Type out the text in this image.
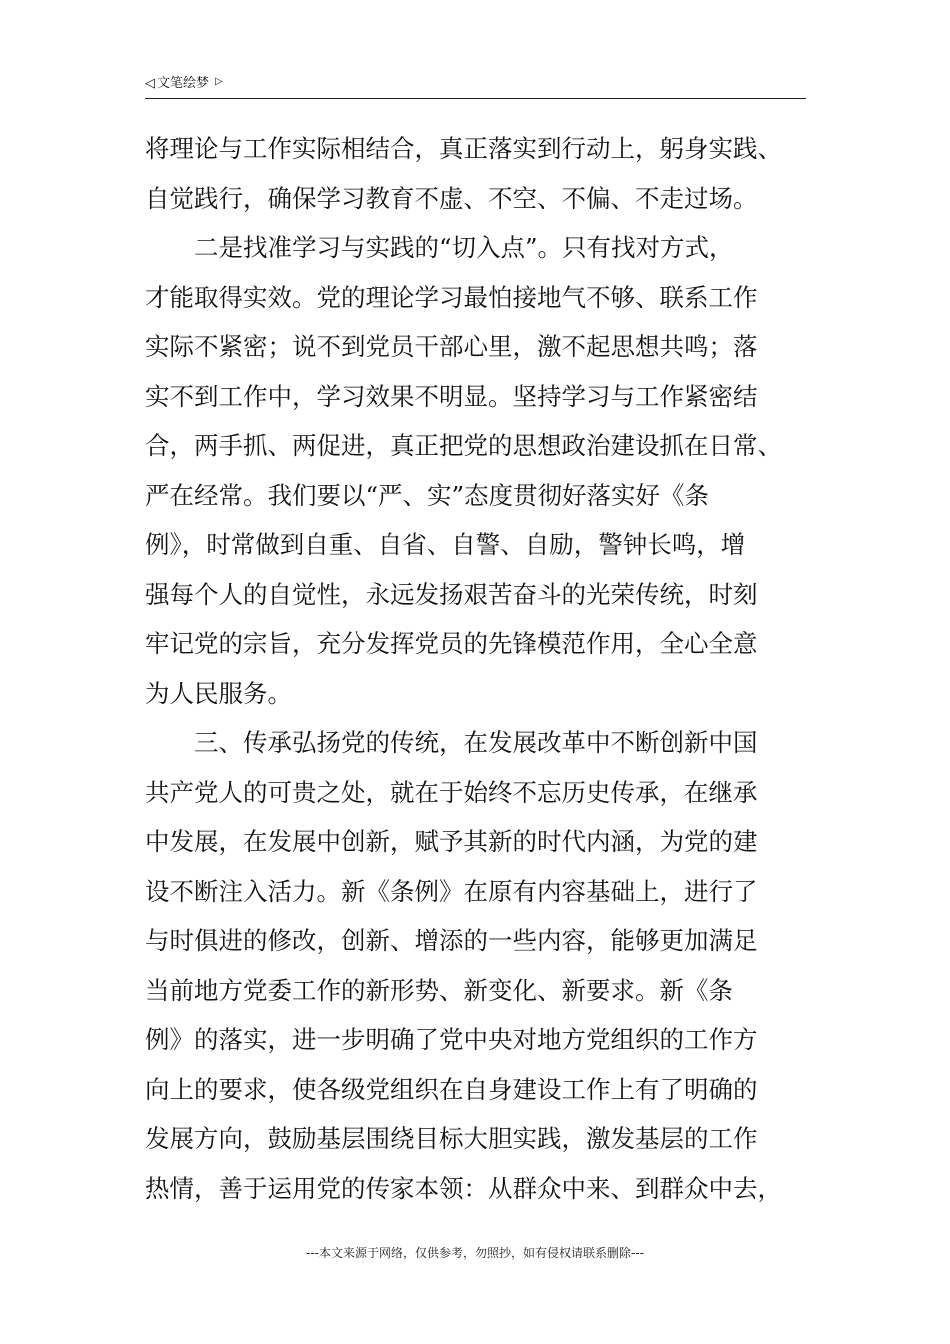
◁ 文笔绘梦 ▷
将理论与工作实际相结合，真正落实到行动上，躬身实践、
自觉践行，确保学习教育不虚、不空、不偏、不走过场。
　　二是找准学习与实践的“切入点”。只有找对方式，
才能取得实效。党的理论学习最怕接地气不够、联系工作
实际不紧密；说不到党员干部心里，激不起思想共鸣；落
实不到工作中，学习效果不明显。坚持学习与工作紧密结
合，两手抓、两促进，真正把党的思想政治建设抓在日常、
严在经常。我们要以“严、实”态度贯彻好落实好《条
例》，时常做到自重、自省、自警、自励，警钟长鸣，增
强每个人的自觉性，永远发扬艰苦奋斗的光荣传统，时刻
牢记党的宗旨，充分发挥党员的先锋模范作用，全心全意
为人民服务。
　　三、传承弘扬党的传统，在发展改革中不断创新中国
共产党人的可贵之处，就在于始终不忘历史传承，在继承
中发展，在发展中创新，赋予其新的时代内涵，为党的建
设不断注入活力。新《条例》在原有内容基础上，进行了
与时俱进的修改，创新、增添的一些内容，能够更加满足
当前地方党委工作的新形势、新变化、新要求。新《条
例》的落实，进一步明确了党中央对地方党组织的工作方
向上的要求，使各级党组织在自身建设工作上有了明确的
发展方向，鼓励基层围绕目标大胆实践，激发基层的工作
热情，善于运用党的传家本领：从群众中来、到群众中去，
---本文来源于网络，仅供参考，勿照抄，如有侵权请联系删除---
